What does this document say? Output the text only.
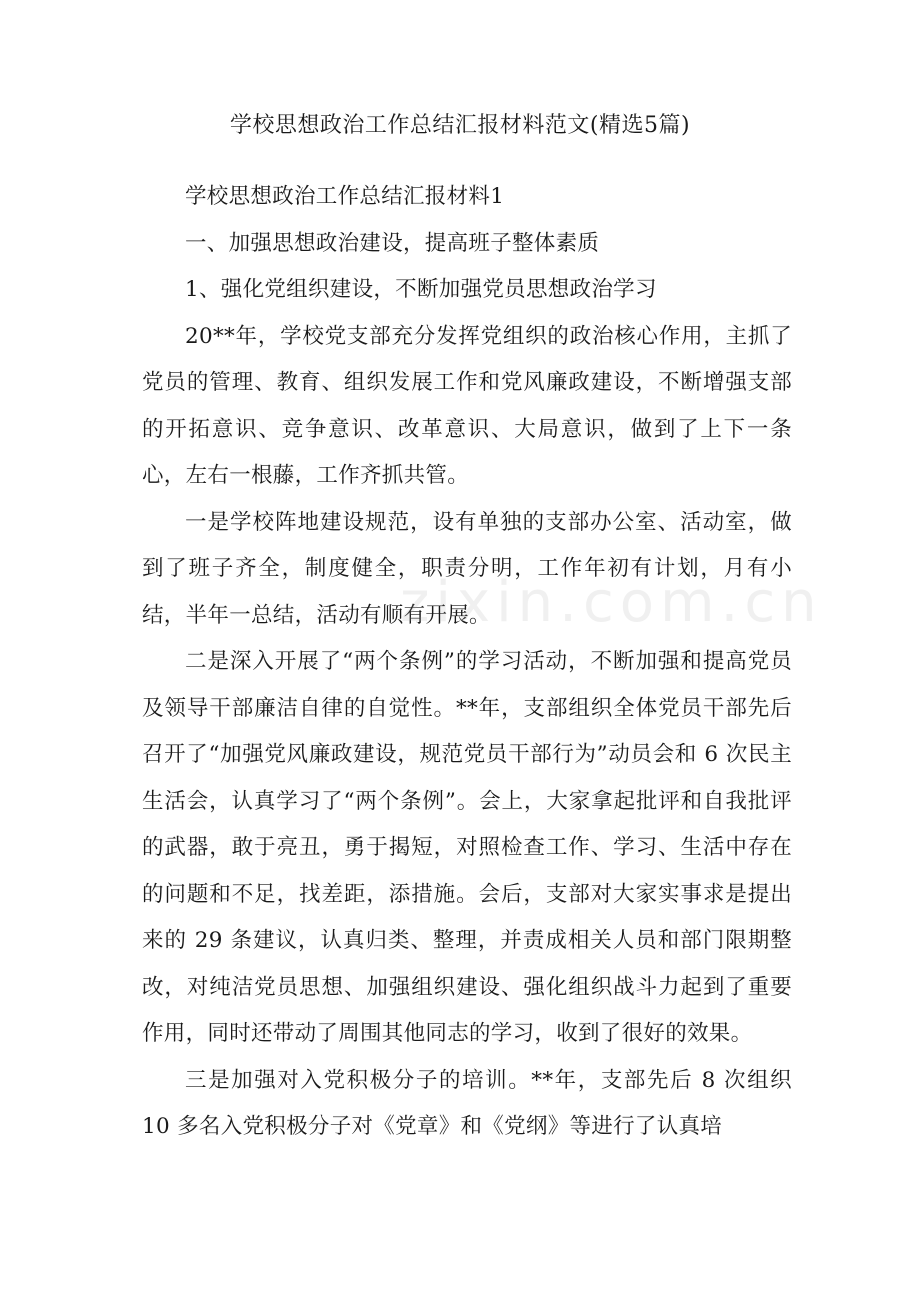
学校思想政治工作总结汇报材料范文(精选5篇)

学校思想政治工作总结汇报材料1

一、加强思想政治建设，提高班子整体素质

1、强化党组织建设，不断加强党员思想政治学习

20**年，学校党支部充分发挥党组织的政治核心作用，主抓了党员的管理、教育、组织发展工作和党风廉政建设，不断增强支部的开拓意识、竞争意识、改革意识、大局意识，做到了上下一条心，左右一根藤，工作齐抓共管。

一是学校阵地建设规范，设有单独的支部办公室、活动室，做到了班子齐全，制度健全，职责分明，工作年初有计划，月有小结，半年一总结，活动有顺有开展。

二是深入开展了“两个条例”的学习活动，不断加强和提高党员及领导干部廉洁自律的自觉性。**年，支部组织全体党员干部先后召开了“加强党风廉政建设，规范党员干部行为”动员会和 6 次民主生活会，认真学习了“两个条例”。会上，大家拿起批评和自我批评的武器，敢于亮丑，勇于揭短，对照检查工作、学习、生活中存在的问题和不足，找差距，添措施。会后，支部对大家实事求是提出来的 29 条建议，认真归类、整理，并责成相关人员和部门限期整改，对纯洁党员思想、加强组织建设、强化组织战斗力起到了重要作用，同时还带动了周围其他同志的学习，收到了很好的效果。

三是加强对入党积极分子的培训。**年，支部先后 8 次组织 10 多名入党积极分子对《党章》和《党纲》等进行了认真培

zixin.com.cn
